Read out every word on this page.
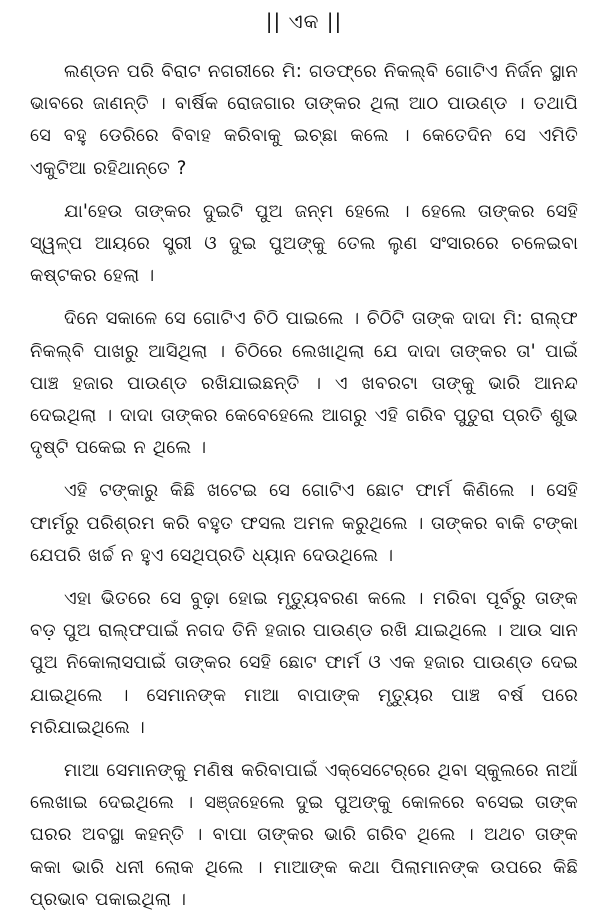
|| ଏକ ||

ଲଣ୍ଡନ ପରି ବିରାଟ ନଗରୀରେ ମି: ଗଡଫ୍ରେ ନିକଲ୍ବି ଗୋଟିଏ ନିର୍ଜନ ସ୍ଥାନ ଭାବରେ ଜାଣନ୍ତି । ବାର୍ଷିକ ରୋଜଗାର ତାଙ୍କର ଥିଲା ଆଠ ପାଉଣ୍ଡ । ତଥାପି ସେ ବହୁ ଡେରିରେ ବିବାହ କରିବାକୁ ଇଚ୍ଛା କଲେ । କେତେଦିନ ସେ ଏମିତି ଏକୁଟିଆ ରହିଥାନ୍ତେ ?

ଯା'ହେଉ ତାଙ୍କର ଦୁଇଟି ପୁଅ ଜନ୍ମ ହେଲେ । ହେଲେ ତାଙ୍କର ସେହି ସ୍ୱଳ୍ପ ଆୟରେ ସ୍ତ୍ରୀ ଓ ଦୁଇ ପୁଅଙ୍କୁ ତେଲ ଲୁଣ ସଂସାରରେ ଚଳେଇବା କଷ୍ଟକର ହେଲା ।

ଦିନେ ସକାଳେ ସେ ଗୋଟିଏ ଚିଠି ପାଇଲେ । ଚିଠିଟି ତାଙ୍କ ଦାଦା ମି: ରାଲ୍ଫ ନିକଲ୍ବି ପାଖରୁ ଆସିଥିଲା । ଚିଠିରେ ଲେଖାଥିଲା ଯେ ଦାଦା ତାଙ୍କର ତା' ପାଇଁ ପାଞ୍ଚ ହଜାର ପାଉଣ୍ଡ ରଖିଯାଇଛନ୍ତି । ଏ ଖବରଟା ତାଙ୍କୁ ଭାରି ଆନନ୍ଦ ଦେଇଥିଲା । ଦାଦା ତାଙ୍କର କେବେହେଲେ ଆଗରୁ ଏହି ଗରିବ ପୁତୁରା ପ୍ରତି ଶୁଭ ଦୃଷ୍ଟି ପକେଇ ନ ଥିଲେ ।

ଏହି ଟଙ୍କାରୁ କିଛି ଖଟେଇ ସେ ଗୋଟିଏ ଛୋଟ ଫାର୍ମ କିଣିଲେ । ସେହି ଫାର୍ମରୁ ପରିଶ୍ରମ କରି ବହୁତ ଫସଲ ଅମଳ କରୁଥିଲେ । ତାଙ୍କର ବାକି ଟଙ୍କା ଯେପରି ଖର୍ଚ୍ଚ ନ ହୁଏ ସେଥିପ୍ରତି ଧ୍ୟାନ ଦେଉଥିଲେ ।

ଏହା ଭିତରେ ସେ ବୁଢ଼ା ହୋଇ ମୃତ୍ୟୁବରଣ କଲେ । ମରିବା ପୂର୍ବରୁ ତାଙ୍କ ବଡ଼ ପୁଅ ରାଲ୍ଫପାଇଁ ନଗଦ ତିନି ହଜାର ପାଉଣ୍ଡ ରଖି ଯାଇଥିଲେ । ଆଉ ସାନ ପୁଅ ନିକୋଲାସପାଇଁ ତାଙ୍କର ସେହି ଛୋଟ ଫାର୍ମ ଓ ଏକ ହଜାର ପାଉଣ୍ଡ ଦେଇ ଯାଇଥିଲେ । ସେମାନଙ୍କ ମାଆ ବାପାଙ୍କ ମୃତ୍ୟୁର ପାଞ୍ଚ ବର୍ଷ ପରେ ମରିଯାଇଥିଲେ ।

ମାଆ ସେମାନଙ୍କୁ ମଣିଷ କରିବାପାଇଁ ଏକ୍ସେଟେର୍‌ରେ ଥିବା ସ୍କୁଲରେ ନାଆଁ ଲେଖାଇ ଦେଇଥିଲେ । ସଞ୍ଜହେଲେ ଦୁଇ ପୁଅଙ୍କୁ କୋଳରେ ବସେଇ ତାଙ୍କ ଘରର ଅବସ୍ଥା କହନ୍ତି । ବାପା ତାଙ୍କର ଭାରି ଗରିବ ଥିଲେ । ଅଥଚ ତାଙ୍କ କକା ଭାରି ଧନୀ ଲୋକ ଥିଲେ । ମାଆଙ୍କ କଥା ପିଲାମାନଙ୍କ ଉପରେ କିଛି ପ୍ରଭାବ ପକାଇଥିଲା ।
